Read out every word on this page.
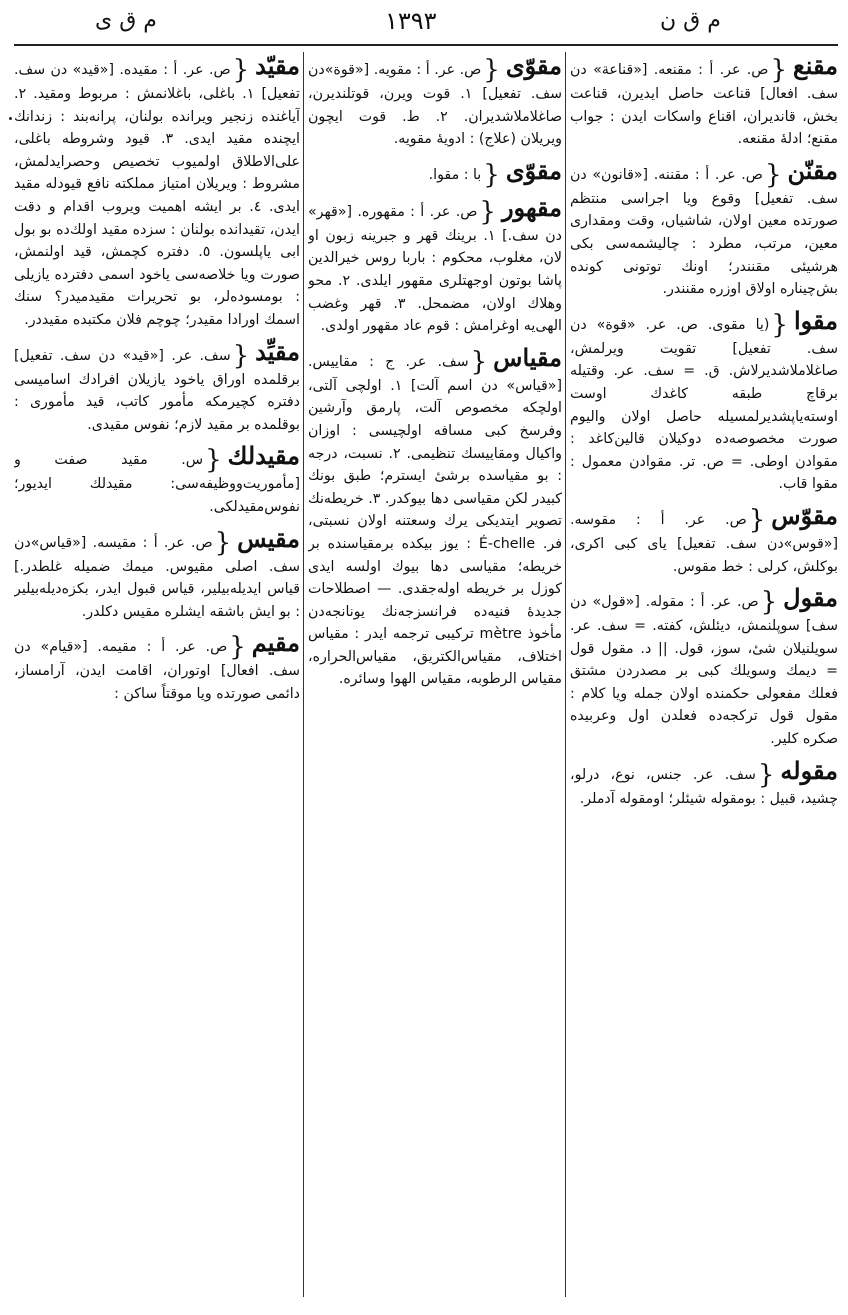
م ق ن
١٣٩٣
م ق ی
مقنع{ص. عر. أ : مقنعه. [«قناعة» دن سف. افعال] قناعت حاصل ایدیرن، قناعت بخش، قاندیران، اقناع واسکات ایدن : جواب مقنع؛ ادلهٔ مقنعه.
مقنّن{ص. عر. أ : مقننه. [«قانون» دن سف. تفعیل] وقوع ویا اجراسی منتظم صورتده معین اولان، شاشیاں، وقت ومقداری معین، مرتب، مطرد : چالیشمه‌سی بکی هرشیئی مقنندر؛ اونك توتونی کونده بش‌چیناره اولاق اوزره مقنندر.
مقوا{(یا مقوی. ص. عر. «قوة» دن سف. تفعیل] تقویت ویرلمش، صاغلاملاشدیرلاش. ق. = سف. عر. وقتیله برقاچ طبقه کاغدك اوست اوسته‌یاپشدیرلمسیله حاصل اولان والیوم صورت مخصوصه‌ده دوکیلان قالین‌کاغد : مقوادن اوطی. = ص. تر. مقوادن معمول : مقوا قاب.
مقوّس{ص. عر. أ : مقوسه. [«قوس»دن سف. تفعیل] یای کبی اکری، بوکلش، کرلی : خط مقوس.
مقول{ص. عر. أ : مقوله. [«قول» دن سف] سوپلنمش، دیئلش، کفته. = سف. عر. سویلنیلان شیٔ، سوز، قول. || د. مقول قول = دیمك وسویلك کبی بر مصدردن مشتق فعلك مفعولی حکمنده اولان جمله ویا کلام : مقول قول ترکجه‌ده فعلدن اول وعربیده صکره کلیر.
مقوله{سف. عر. جنس، نوع، درلو، چشید، قبیل : بومقوله شیئلر؛ اومقوله آدملر.
مقوّی{ص. عر. أ : مقویه. [«قوة»دن سف. تفعیل] ١. قوت ویرن، قوتلندیرن، صاغلاملاشدیران. ٢. ط. قوت ایچون ویریلان (علاج) : ادویهٔ مقویه.
مقوّی{با : مقوا.
مقهور{ص. عر. أ : مقهوره. [«قهر» دن سف.] ١. برینك قهر و جبرینه زبون او لان، مغلوب، محکوم : باربا روس خیرالدین پاشا بوتون اوجهتلری مقهور ایلدی. ٢. محو وهلاك اولان، مضمحل. ٣. قهر وغضب الهی‌یه اوغرامش : قوم عاد مقهور اولدی.
مقیاس{سف. عر. ج : مقاییس. [«قیاس» دن اسم آلت] ١. اولچی آلتی، اولچکه مخصوص آلت، پارمق وآرشین وفرسخ کبی مسافه اولچیسی : اوزان واکیال ومقاییسك تنظیمی. ٢. نسبت، درجه : بو مقیاسده برشیٔ ایسترم؛ طبق بونك کبیدر لکن مقیاسی دها بیوکدر. ٣. خریطه‌نك تصویر ایتدیکی یرك وسعتنه اولان نسبتی، فر. É-chelle : یوز بیکده برمقیاسنده بر خریطه؛ مقیاسی دها بیوك اولسه ایدی کوزل بر خریطه اوله‌جقدی. — اصطلاحات جدیدهٔ فنیه‌ده فرانسزجه‌نك یونانجه‌دن مأخوذ mètre ترکیبی ترجمه ایدر : مقیاس اختلاف، مقیاس‌الکتریق، مقیاس‌الحراره، مقیاس الرطوبه، مقیاس الهوا وسائره.
مقیّد{ص. عر. أ : مقیده. [«قید» دن سف. تفعیل] ١. باغلی، باغلانمش : مربوط ومقید. ٢. آیاغنده زنجیر ویرانده بولنان، پرانه‌بند : زندانك ایچنده مقید ایدی. ٣. قیود وشروطه باغلی، علی‌الاطلاق اولمیوب تخصیص وحصرایدلمش، مشروط : ویریلان امتیاز مملکته نافع قیودله مقید ایدی. ٤. بر ایشه اهمیت ویروب اقدام و دقت ایدن، تقیدانده بولنان : سزده مقید اولك‌ده بو بول ابی یاپلسون. ٥. دفتره کچمش، قید اولنمش، صورت ویا خلاصه‌سی یاخود اسمی دفترده یازیلی : بومسوده‌لر، بو تحریرات مقیدمیدر؟ سنك اسمك اورادا مقیدر؛ چوچم فلان مکتبده مقیددر.
مقیِّد{سف. عر. [«قید» دن سف. تفعیل] برقلمده اوراق یاخود یازیلان افرادك اسامیسی دفتره کچیرمکه مأمور کاتب، قید مأموری : بوقلمده بر مقید لازم؛ نفوس مقیدی.
مقیدلك{س. مقید صفت و [مأموریت‌ووظیفه‌سی: مقیدلك ایدیور؛ نفوس‌مقیدلکی.
مقیس{ص. عر. أ : مقیسه. [«قیاس»دن سف. اصلی مقیوس. میمك ضمیله غلطدر.] قیاس ایدیله‌بیلیر، قیاس قبول ایدر، بکزه‌دیله‌بیلیر : بو ایش باشقه ایشلره مقیس دکلدر.
مقیم{ص. عر. أ : مقیمه. [«قیام» دن سف. افعال] اوتوران، اقامت ایدن، آرامساز، دائمی صورتده ویا موقتاً ساکن :
